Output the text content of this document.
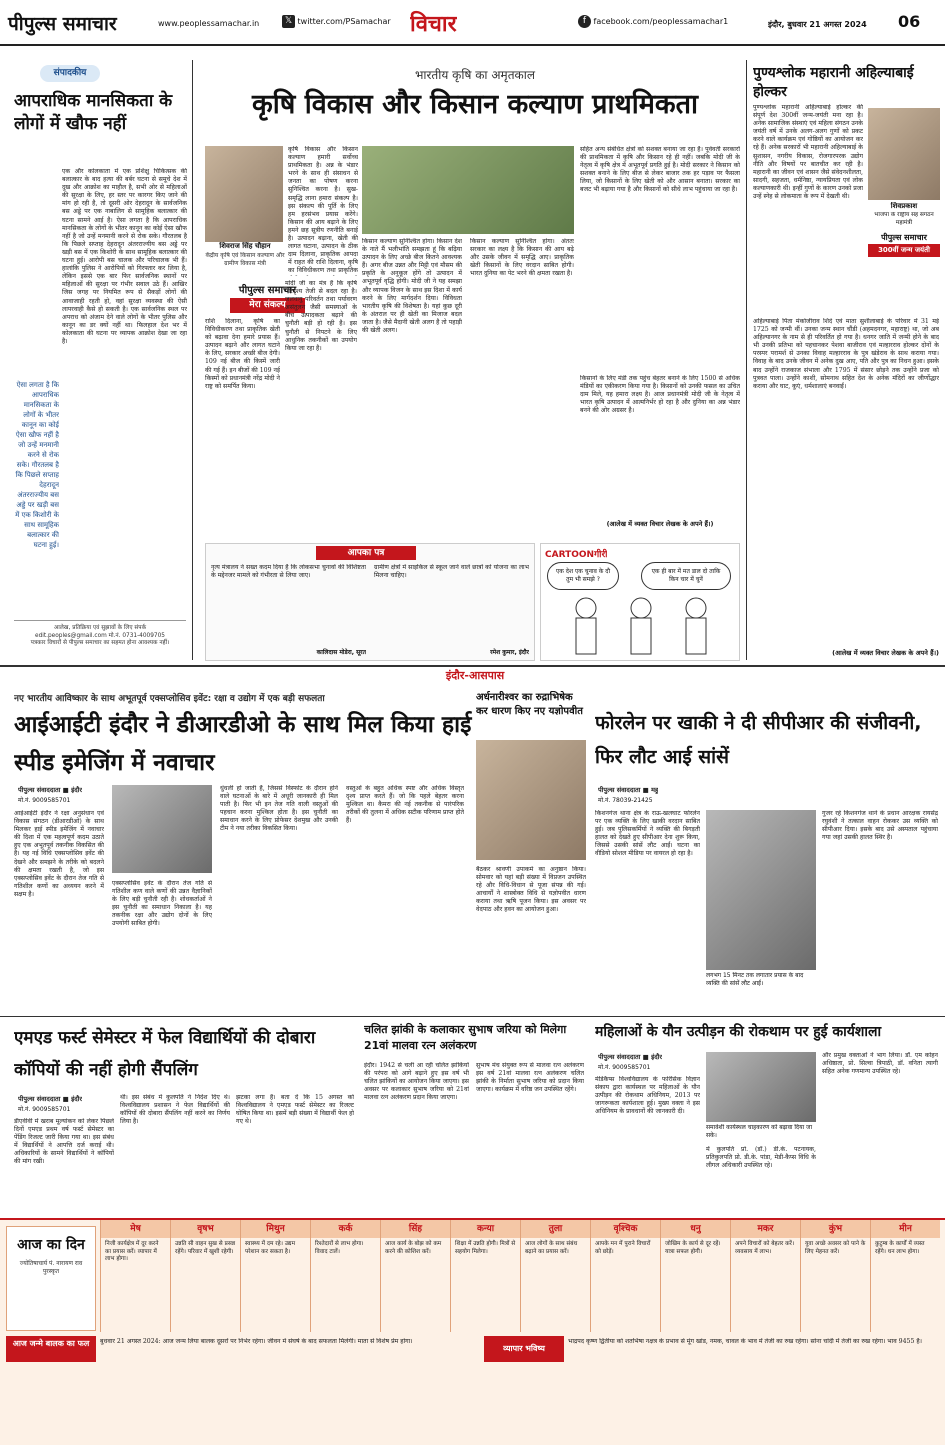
पीपुल्स समाचार	www.peoplessamachar.in	𝕏 twitter.com/PSamachar विचार	f facebook.com/peoplessamachar1	इंदौर, बुधवार 21 अगस्त 2024 06
संपादकीय
आपराधिक मानसिकता के लोगों में खौफ नहीं
एक और कोलकाता में एक प्रशिक्षु चिकित्सक की बलात्कार के बाद हत्या की बर्बर घटना से समूचे देश में दुख और आक्रोश का माहौल है, सभी ओर से महिलाओं की सुरक्षा के लिए, हर स्तर पर कारगर किए जाने की मांग हो रही है, तो दूसरी ओर देहरादून के सार्वजनिक बस अड्डे पर एक नाबालिग से सामूहिक बलात्कार की घटना सामने आई है। ऐसा लगता है कि आपराधिक मानसिकता के लोगों के भीतर कानून का कोई ऐसा खौफ नहीं है जो उन्हें मनमानी करने से रोक सके। गौरतलब है कि पिछले सप्ताह देहरादून अंतरराज्यीय बस अड्डे पर खड़ी बस में एक किशोरी के साथ सामूहिक बलात्कार की घटना हुई। आरोपी बस चालक और परिचालक भी हैं। हालांकि पुलिस ने आरोपियों को गिरफ्तार कर लिया है, लेकिन इससे एक बार फिर सार्वजनिक स्थानों पर महिलाओं की सुरक्षा पर गंभीर सवाल उठे हैं। आखिर जिस जगह पर नियमित रूप से सैकड़ों लोगों की आवाजाही रहती हो, वहां सुरक्षा व्यवस्था की ऐसी लापरवाही कैसे हो सकती है। एक सार्वजनिक स्थल पर अपराध को अंजाम देने वाले लोगों के भीतर पुलिस और कानून का डर क्यों नहीं था। फिलहाल देश भर में कोलकाता की घटना पर व्यापक आक्रोश देखा जा रहा है।
ऐसा लगता है कि आपराधिक मानसिकता के लोगों के भीतर कानून का कोई ऐसा खौफ नहीं है जो उन्हें मनमानी करने से रोक सके। गौरतलब है कि पिछले सप्ताह देहरादून अंतरराज्यीय बस अड्डे पर खड़ी बस में एक किशोरी के साथ सामूहिक बलात्कार की घटना हुई।
आलेख, प्रतिक्रिया एवं सुझावों के लिए संपर्क
edit.peoples@gmail.com मो.नं. 0731-4009705
पत्रकार विचारों से पीपुल्स समाचार का सहमत होना आवश्यक नहीं।
भारतीय कृषि का अमृतकाल
कृषि विकास और किसान कल्याण प्राथमिकता
शिवराज सिंह चौहान
केंद्रीय कृषि एवं किसान कल्याण और ग्रामीण विकास मंत्री
पीपुल्स समाचार
मेरा संकल्प
कृषि विकास और किसान कल्याण हमारी सर्वोच्च प्राथमिकता है। अन्न के भंडार भरने के साथ ही संसाधन से जनता का पोषण करना सुनिश्चित करना है। सुख-समृद्धि लाना हमारा संकल्प है। इस संकल्प की पूर्ति के लिए हम हरसंभव प्रयास करेंगे। किसान की आय बढ़ाने के लिए हमने छह सूत्रीय रणनीति बनाई है। उत्पादन बढ़ाना, खेती की लागत घटाना, उत्पादन के ठीक दाम दिलाना, प्राकृतिक आपदा में राहत की राशि दिलाना, कृषि का विविधीकरण तथा प्राकृतिक
किसान कल्याण सुनिश्चित होगा। किसान देश के नाते मैं भलीभांति समझता हूं कि बढ़िया उत्पादन के लिए अच्छे बीज कितने आवश्यक हैं। अगर बीज उन्नत और मिट्टी एवं मौसम की प्रकृति के अनुकूल होंगे तो उत्पादन में अभूतपूर्व वृद्धि होगी। मोदी जी ने यह समझा और व्यापक विजन के साथ इस दिशा में कार्य करने के लिए मार्गदर्शन दिया। विविधता भारतीय कृषि की विशेषता है। यहां कुछ दूरी के अंतराल पर ही खेती का मिजाज बदल जाता है। जैसे मैदानी खेती अलग है तो पहाड़ी की खेती अलग।
किसान कल्याण सुनिश्चित होगा। अंततः सरकार का लक्ष्य है कि किसान की आय बढ़े और उसके जीवन में समृद्धि आए। प्राकृतिक खेती किसानों के लिए वरदान साबित होगी। भारत दुनिया का पेट भरने की क्षमता रखता है।
राशि दिलाना, कृषि का विविधीकरण तथा प्राकृतिक खेती को बढ़ावा देना हमारे प्रयास हैं। उत्पादन बढ़ाने और लागत घटाने के लिए, सरकार अच्छी बीज देगी। 109 नई बीज की किस्में जारी की गई हैं। इन बीजों की 109 नई किस्मों को प्रधानमंत्री नरेंद्र मोदी ने राष्ट्र को समर्पित किया।
मोदी जी का मंत्र है कि कृषि परिदृश्य तेजी से बदल रहा है। जलवायु परिवर्तन तथा पर्यावरण असंतुलन जैसी समस्याओं के बीच उत्पादकता बढ़ाने की चुनौती बड़ी हो रही है। इस चुनौती से निपटने के लिए आधुनिक तकनीकों का उपयोग किया जा रहा है।
सहित अन्य संबंधित क्षेत्रों को सशक्त बनाया जा रहा है। पूर्ववर्ती सरकारों की प्राथमिकता में कृषि और किसान रहे ही नहीं। जबकि मोदी जी के नेतृत्व में कृषि क्षेत्र में अभूतपूर्व प्रगति हुई है। मोदी सरकार ने किसान को सशक्त बनाने के लिए बीज से लेकर बाजार तक हर पड़ाव पर फैसला लिया, जो किसानों के लिए खेती को और आसान बनाता। सरकार का बजट भी बढ़ाया गया है और किसानों को सीधे लाभ पहुंचाया जा रहा है।
किसानों के लिए मंडी तक पहुंच बेहतर बनाने के लिए 1500 से अधिक मंडियों का एकीकरण किया गया है। किसानों को उनकी फसल का उचित दाम मिले, यह हमारा लक्ष्य है। आज प्रधानमंत्री मोदी जी के नेतृत्व में भारत कृषि उत्पादन में आत्मनिर्भर हो रहा है और दुनिया का अन्न भंडार बनने की ओर अग्रसर है।
(आलेख में व्यक्त विचार लेखक के अपने हैं।)
आपका पत्र
नृत्य मंत्रालय ने सख्त कदम दिया है कि लोकसभा चुनावों की विशिष्टता के मद्देनजर मामले को गंभीरता से लिया जाए।
कालिदास मोडेरा, सूरत
ग्रामीण क्षेत्रों में साइकिल से स्कूल जाने वाले छात्रों को योजना का लाभ मिलना चाहिए।
रमेश कुमार, इंदौर
CARTOONगीरी
एक देश एक चुनाव के दौ तुम भी समझे ?
एक ही बार में मत डाल दो ताकि किन चार में चुनें
पुण्यश्लोक महारानी अहिल्याबाई होल्कर
पुण्यश्लोक महारानी अहिल्याबाई होल्कर की संपूर्ण देश 300वीं जन्म-जयंती मना रहा है। अनेक सामाजिक संस्थाएं एवं महिला संगठन उनके जयंती वर्ष में उनके अलग-अलग गुणों को प्रकट करने वाले कार्यक्रम एवं गोष्ठियों का आयोजन कर रहे हैं। अनेक सरकारों भी महारानी अहिल्याबाई के सुशासन, नगरीय विकास, रोजगारपरक उद्योग नीति और विषयों पर बातचीत कर रही है। महारानी का जीवन एवं शासन जैसे संवेदनशीलता, सादगी, सहजता, धर्मनिष्ठा, न्यायप्रियता एवं लोक कल्याणकारी थी। इन्हीं गुणों के कारण उनको प्रजा उन्हें स्नेह से लोकमाता के रूप में देखती थी।
शिवप्रकाश
भाजपा के राष्ट्रीय सह संगठन महामंत्री
पीपुल्स समाचार
300वीं जन्म जयंती
अहिल्याबाई पिता मंकोजीराव शिंदे एवं माता सुशीलाबाई के परिवार में 31 मई 1725 को जन्मी थीं। उनका जन्म स्थान चौंडी (अहमदनगर, महाराष्ट्र) था, जो अब अहिल्यानगर के नाम से ही परिवर्तित हो गया है। धनगर जाति में जन्मी होने के बाद भी उनकी प्रतिभा को पहचानकर पेशवा बाजीराव एवं मल्हारराव होल्कर दोनों के परस्पर परामर्श से उनका विवाह मल्हारराव के पुत्र खंडेराव के साथ कराया गया। विवाह के बाद उनके जीवन में अनेक दुख आए, पति और पुत्र का निधन हुआ। इसके बाद उन्होंने राजकाज संभाला और 1795 में संसार छोड़ने तक उन्होंने प्रजा को पुत्रवत पाला। उन्होंने काशी, सोमनाथ सहित देश के अनेक मंदिरों का जीर्णोद्धार कराया और घाट, कुएं, धर्मशालाएं बनवाईं।
(आलेख में व्यक्त विचार लेखक के अपने हैं।)
इंदौर-आसपास
नए भारतीय आविष्कार के साथ अभूतपूर्व एक्सप्लोसिव इवेंट: रक्षा व उद्योग में एक बड़ी सफलता
आईआईटी इंदौर ने डीआरडीओ के साथ मिल किया हाई स्पीड इमेजिंग में नवाचार
पीपुल्स संवाददाता ■ इंदौर
मो.नं. 9009585701
आईआईटी इंदौर ने रक्षा अनुसंधान एवं विकास संगठन (डीआरडीओ) के साथ मिलकर हाई स्पीड इमेजिंग में नवाचार की दिशा में एक महत्वपूर्ण कदम उठाते हुए एक अभूतपूर्व तकनीक विकसित की है। यह नई विधि एक्सप्लोसिव इवेंट की देखने और समझने के तरीके को बदलने की क्षमता रखती है, जो इस एक्सप्लोसिव इवेंट के दौरान तेज गति से गतिशील कणों का अध्ययन करने में सक्षम है।
एक्सप्लोसिव इवेंट के दौरान तेज गति से गतिशील कण वाले कणों की उन्नत वैज्ञानिकों के लिए बड़ी चुनौती रही है। शोधकर्ताओं ने इस चुनौती का समाधान निकाला है। यह तकनीक रक्षा और उद्योग दोनों के लिए उपयोगी साबित होगी।
धुंधली हो जाती हैं, जिससे विस्फोट के दौरान होने वाले घटनाओं के बारे में अधूरी जानकारी ही मिल पाती है। फिर भी इन तेज गति वाली वस्तुओं की पहचान करना मुश्किल होता है। इस चुनौती का समाधान करने के लिए प्रोफेसर देशमुख और उनकी टीम ने नया तरीका विकसित किया।
वस्तुओं के बहुत अधिक स्पष्ट और अधिक विस्तृत दृश्य प्राप्त करते हैं। जो कि पहले बेहतर करना मुश्किल था। कैमरा की नई तकनीक से पारंपरिक तरीकों की तुलना में अधिक सटीक परिणाम प्राप्त होते हैं।
अर्धनारीश्वर का रुद्राभिषेक कर धारण किए नए यज्ञोपवीत
बैठकर श्रावणी उपाकर्म का अनुष्ठान किया। सोमवार को यहां बड़ी संख्या में विप्रजन उपस्थित रहे और विधि-विधान से पूजा संपन्न की गई। आचार्यों ने शास्त्रोक्त विधि से यज्ञोपवीत धारण कराया तथा ऋषि पूजन किया। इस अवसर पर वेदपाठ और हवन का आयोजन हुआ।
फोरलेन पर खाकी ने दी सीपीआर की संजीवनी, फिर लौट आई सांसें
पीपुल्स संवाददाता ■ महू
मो.नं. 78039-21425
किशनगंज थाना क्षेत्र के राऊ-खलघाट फोरलेन पर एक व्यक्ति के लिए खाकी वरदान साबित हुई। जब पुलिसकर्मियों ने व्यक्ति की बिगड़ती हालत को देखते हुए सीपीआर देना शुरू किया, जिससे उसकी सांसें लौट आईं। घटना का वीडियो सोशल मीडिया पर वायरल हो रहा है।
लगभग 15 मिनट तक लगातार प्रयास के बाद व्यक्ति की सांसें लौट आईं।
गुजर रहे किशनगंज थाने के प्रधान आरक्षक रायसेंद्र रघुवंशी ने तत्काल वाहन रोककर उस व्यक्ति को सीपीआर दिया। इसके बाद उसे अस्पताल पहुंचाया गया जहां उसकी हालत स्थिर है।
एमएड फर्स्ट सेमेस्टर में फेल विद्यार्थियों की दोबारा कॉपियों की नहीं होगी सैंपलिंग
पीपुल्स संवाददाता ■ इंदौर
मो.नं. 9009585701
डीएवीवी में खराब मूल्यांकन को लेकर पिछले दिनों एमएड प्रथम वर्ष फर्स्ट सेमेस्टर का पेंडिंग रिजल्ट जारी किया गया था। इस संबंध में विद्यार्थियों ने आपत्ति दर्ज कराई थी। अधिकारियों के सामने विद्यार्थियों ने कॉपियों की मांग रखी।
थी। इस संबंध में कुलपति ने निर्देश दिए थे। विश्वविद्यालय प्रशासन ने फेल विद्यार्थियों की कॉपियों की दोबारा सैंपलिंग नहीं करने का निर्णय लिया है।
झटका लगा है। बता दें कि 15 अगस्त को विश्वविद्यालय ने एमएड फर्स्ट सेमेस्टर का रिजल्ट घोषित किया था। इसमें बड़ी संख्या में विद्यार्थी फेल हो गए थे।
चलित झांकी के कलाकार सुभाष जरिया को मिलेगा 21वां मालवा रत्न अलंकरण
इंदौर। 1942 से चली आ रही चलित झांकियों की परंपरा को आगे बढ़ाने हुए इस वर्ष भी चलित झांकियों का आयोजन किया जाएगा। इस अवसर पर कलाकार सुभाष जरिया को 21वां मालवा रत्न अलंकरण प्रदान किया जाएगा।
सुभाष मंच संयुक्त रूप से मालवा रत्न अलंकरण इस वर्ष 21वां मालवा रत्न अलंकरण चलित झांकी के निर्माता सुभाष जरिया को प्रदान किया जाएगा। कार्यक्रम में वरिष्ठ जन उपस्थित रहेंगे।
महिलाओं के यौन उत्पीड़न की रोकथाम पर हुई कार्यशाला
पीपुल्स संवाददाता ■ इंदौर
मो.नं. 9009585701
मेडिकैप्स विश्वविद्यालय के फोरेंसिक विज्ञान संकाय द्वारा कार्यस्थल पर महिलाओं के यौन उत्पीड़न की रोकथाम अधिनियम, 2013 पर जागरूकता कार्यशाला हुई। मुख्य वक्ता ने इस अधिनियम के प्रावधानों की जानकारी दी।
समावेशी कार्यस्थल चाहकारण को बढ़ावा दिया जा सके।
में कुलपति प्रो. (डॉ.) डी.के. पटनायक, प्रतिकुलपति प्रो. डी.के. पांडा, मेडी-कैप्स विधि के लीगल अधिकारी उपस्थित रहे।
और प्रमुख वक्ताओं ने भाग लिया। डॉ. एम कोहन अधिष्ठाता, प्रो. सिल्वा त्रिपाठी, डॉ. वनिता त्यागी सहित अनेक गणमान्य उपस्थित रहे।
आज का दिन
ज्योतिषाचार्य पं. नारायण राव पुरस्कृत
मेष
निजी कार्यक्षेत्र में दूर करने का प्रयास करें। व्यापार में लाभ होगा।
वृषभ
उन्नति सी वाहन सुख से प्रसन्न रहेंगे। परिवार में खुशी रहेगी।
मिथुन
स्वास्थ्य में दम रहे। उद्यम परेशान कर सकता है।
कर्क
रिश्तेदारों से लाभ होगा। विवाद टालें।
सिंह
आज कार्य के बोझ को कम करने की कोशिश करें।
कन्या
शिक्षा में उन्नति होगी। मित्रों से सहयोग मिलेगा।
तुला
आज लोगों के साथ संबंध बढ़ाने का प्रयास करें।
वृश्चिक
आपके मन में पुराने विचारों को छोड़ें।
धनु
जोखिम के कार्य से दूर रहें। यात्रा सफल होगी।
मकर
अपने विचारों को बेहतर करें। व्यवसाय में लाभ।
कुंभ
युवा अच्छे अवसर को पाने के लिए मेहनत करें।
मीन
कुटुम्ब के कार्यों में व्यस्त रहेंगे। धन लाभ होगा।
आज जन्मे बालक का फल	बुधवार 21 अगस्त 2024: आज जन्म लिया बालक दूसरों पर निर्भर रहेगा। जीवन में संघर्ष के बाद सफलता मिलेगी। माता से विशेष प्रेम होगा।
व्यापार भविष्य
भाद्रपद कृष्ण द्वितीया को शतभिषा नक्षत्र के प्रभाव से मूंग खांड, नमक, चावल के भाव में तेजी का रुख रहेगा। सोना चांदी में तेजी का रुख रहेगा। भाव 9455 है।
